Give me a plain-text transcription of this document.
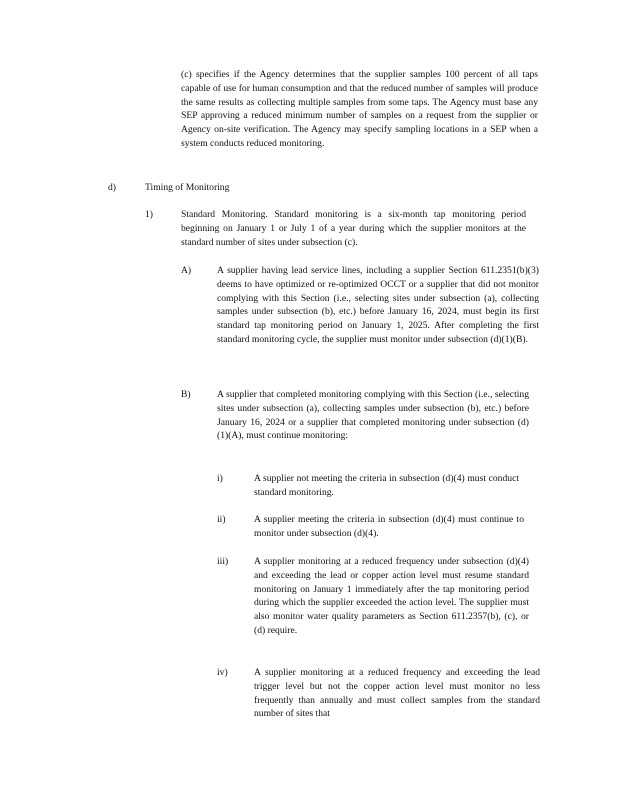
(c) specifies if the Agency determines that the supplier samples 100 percent of all taps capable of use for human consumption and that the reduced number of samples will produce the same results as collecting multiple samples from some taps. The Agency must base any SEP approving a reduced minimum number of samples on a request from the supplier or Agency on-site verification. The Agency may specify sampling locations in a SEP when a system conducts reduced monitoring.

d)	Timing of Monitoring
1)	Standard Monitoring. Standard monitoring is a six-month tap monitoring period beginning on January 1 or July 1 of a year during which the supplier monitors at the standard number of sites under subsection (c).

A)	A supplier having lead service lines, including a supplier Section 611.2351(b)(3) deems to have optimized or re-optimized OCCT or a supplier that did not monitor complying with this Section (i.e., selecting sites under subsection (a), collecting samples under subsection (b), etc.) before January 16, 2024, must begin its first standard tap monitoring period on January 1, 2025. After completing the first standard monitoring cycle, the supplier must monitor under subsection (d)(1)(B).

B)	A supplier that completed monitoring complying with this Section (i.e., selecting sites under subsection (a), collecting samples under subsection (b), etc.) before January 16, 2024 or a supplier that completed monitoring under subsection (d)(1)(A), must continue monitoring:

i)	A supplier not meeting the criteria in subsection (d)(4) must conduct standard monitoring.

ii)	A supplier meeting the criteria in subsection (d)(4) must continue to monitor under subsection (d)(4).

iii)	A supplier monitoring at a reduced frequency under subsection (d)(4) and exceeding the lead or copper action level must resume standard monitoring on January 1 immediately after the tap monitoring period during which the supplier exceeded the action level. The supplier must also monitor water quality parameters as Section 611.2357(b), (c), or (d) require.

iv)	A supplier monitoring at a reduced frequency and exceeding the lead trigger level but not the copper action level must monitor no less frequently than annually and must collect samples from the standard number of sites that
